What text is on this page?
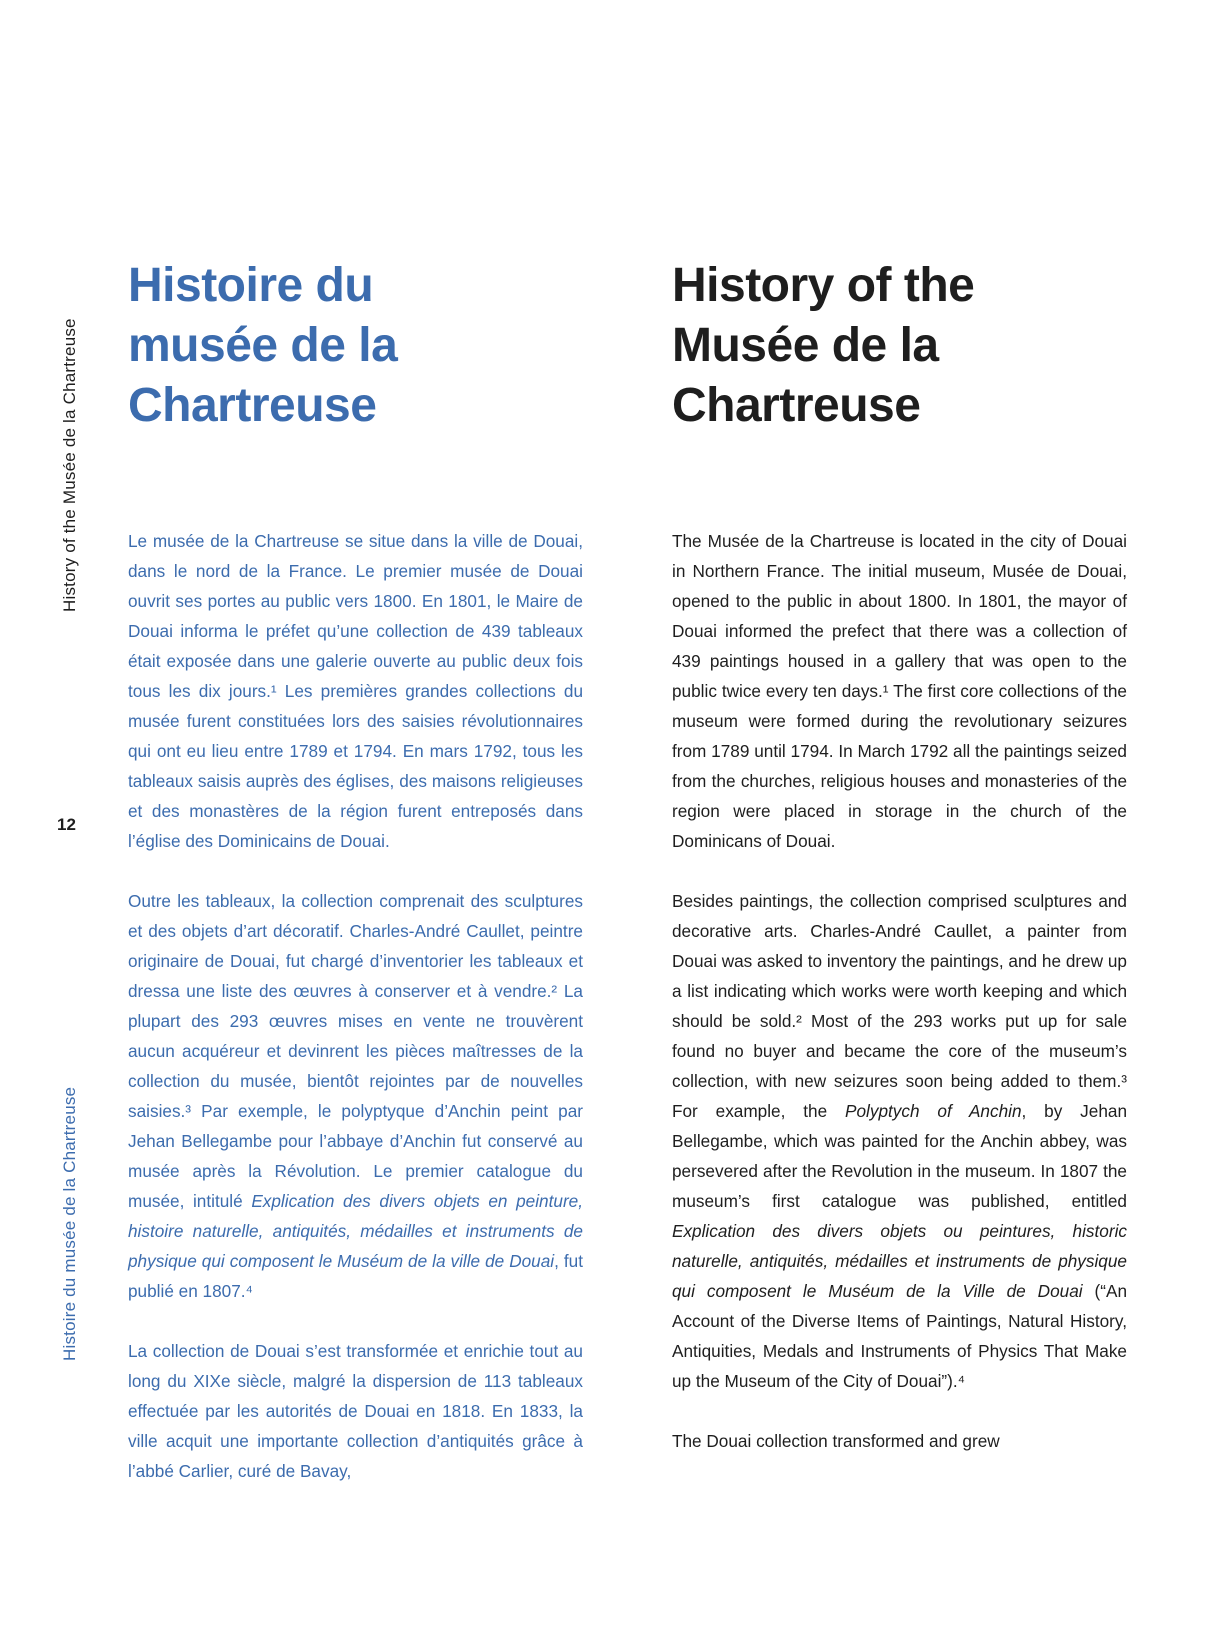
History of the Musée de la Chartreuse
12
Histoire du musée de la Chartreuse
Histoire du
musée de la
Chartreuse

Le musée de la Chartreuse se situe dans la ville de Douai, dans le nord de la France. Le premier musée de Douai ouvrit ses portes au public vers 1800. En 1801, le Maire de Douai informa le préfet qu’une collection de 439 tableaux était exposée dans une galerie ouverte au public deux fois tous les dix jours.¹ Les premières grandes collections du musée furent constituées lors des saisies révolutionnaires qui ont eu lieu entre 1789 et 1794. En mars 1792, tous les tableaux saisis auprès des églises, des maisons religieuses et des monastères de la région furent entreposés dans l’église des Dominicains de Douai.

Outre les tableaux, la collection comprenait des sculptures et des objets d’art décoratif. Charles-André Caullet, peintre originaire de Douai, fut chargé d’inventorier les tableaux et dressa une liste des œuvres à conserver et à vendre.² La plupart des 293 œuvres mises en vente ne trouvèrent aucun acquéreur et devinrent les pièces maîtresses de la collection du musée, bientôt rejointes par de nouvelles saisies.³ Par exemple, le polyptyque d’Anchin peint par Jehan Bellegambe pour l’abbaye d’Anchin fut conservé au musée après la Révolution. Le premier catalogue du musée, intitulé Explication des divers objets en peinture, histoire naturelle, antiquités, médailles et instruments de physique qui composent le Muséum de la ville de Douai, fut publié en 1807.⁴

La collection de Douai s’est transformée et enrichie tout au long du XIXe siècle, malgré la dispersion de 113 tableaux effectuée par les autorités de Douai en 1818. En 1833, la ville acquit une importante collection d’antiquités grâce à l’abbé Carlier, curé de Bavay,

History of the
Musée de la
Chartreuse

The Musée de la Chartreuse is located in the city of Douai in Northern France. The initial museum, Musée de Douai, opened to the public in about 1800. In 1801, the mayor of Douai informed the prefect that there was a collection of 439 paintings housed in a gallery that was open to the public twice every ten days.¹ The first core collections of the museum were formed during the revolutionary seizures from 1789 until 1794. In March 1792 all the paintings seized from the churches, religious houses and monasteries of the region were placed in storage in the church of the Dominicans of Douai.

Besides paintings, the collection comprised sculptures and decorative arts. Charles-André Caullet, a painter from Douai was asked to inventory the paintings, and he drew up a list indicating which works were worth keeping and which should be sold.² Most of the 293 works put up for sale found no buyer and became the core of the museum’s collection, with new seizures soon being added to them.³ For example, the Polyptych of Anchin, by Jehan Bellegambe, which was painted for the Anchin abbey, was persevered after the Revolution in the museum. In 1807 the museum’s first catalogue was published, entitled Explication des divers objets ou peintures, historic naturelle, antiquités, médailles et instruments de physique qui composent le Muséum de la Ville de Douai (“An Account of the Diverse Items of Paintings, Natural History, Antiquities, Medals and Instruments of Physics That Make up the Museum of the City of Douai”).⁴

The Douai collection transformed and grew
